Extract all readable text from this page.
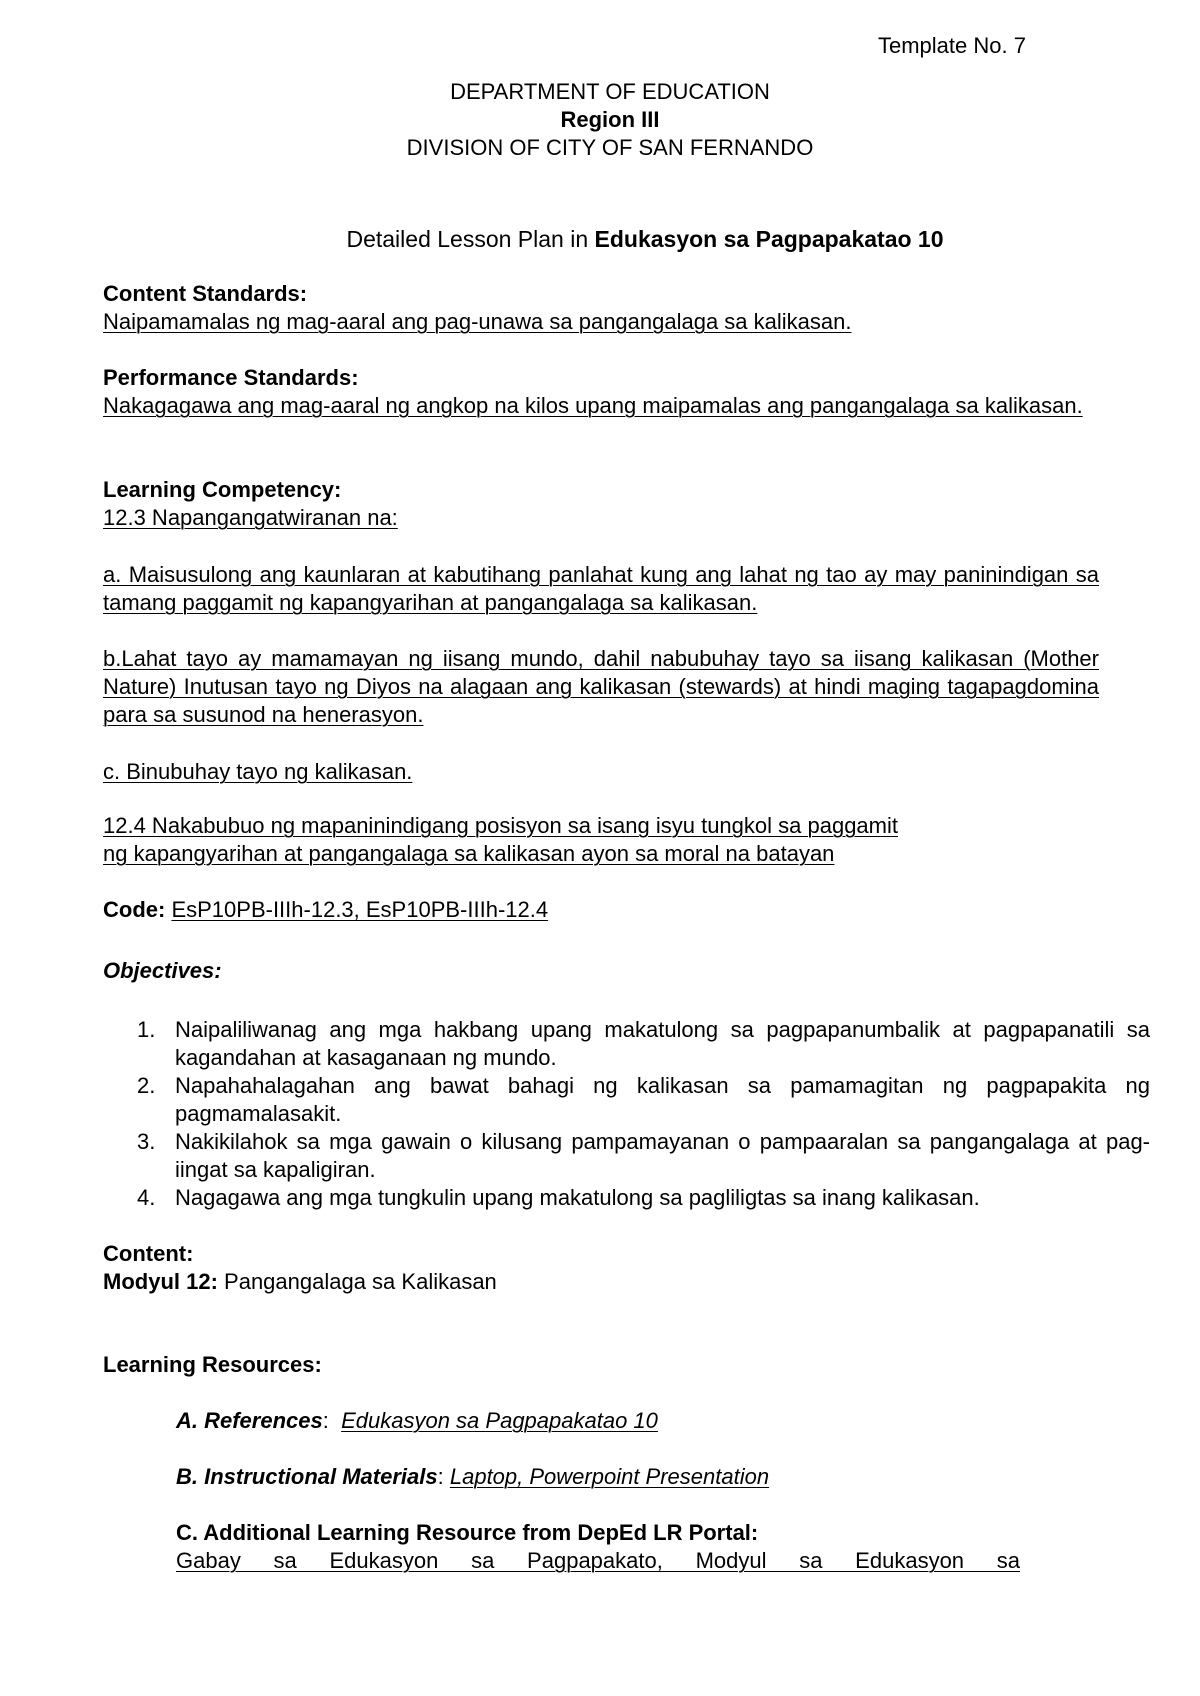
Template No. 7
DEPARTMENT OF EDUCATION
Region III
DIVISION OF CITY OF SAN FERNANDO
Detailed Lesson Plan in Edukasyon sa Pagpapakatao 10
Content Standards:
Naipamamalas ng mag-aaral ang pag-unawa sa pangangalaga sa kalikasan.
Performance Standards:
Nakagagawa ang mag-aaral ng angkop na kilos upang maipamalas ang pangangalaga sa kalikasan.
Learning Competency:
12.3 Napangangatwiranan na:
a. Maisusulong ang kaunlaran at kabutihang panlahat kung ang lahat ng tao ay may paninindigan sa tamang paggamit ng kapangyarihan at pangangalaga sa kalikasan.
b.Lahat tayo ay mamamayan ng iisang mundo, dahil nabubuhay tayo sa iisang kalikasan (Mother Nature) Inutusan tayo ng Diyos na alagaan ang kalikasan (stewards) at hindi maging tagapagdomina para sa susunod na henerasyon.
c. Binubuhay tayo ng kalikasan.
12.4 Nakabubuo ng mapaninindigang posisyon sa isang isyu tungkol sa paggamit
ng kapangyarihan at pangangalaga sa kalikasan ayon sa moral na batayan
Code: EsP10PB-IIIh-12.3, EsP10PB-IIIh-12.4
Objectives:
1. Naipaliliwanag ang mga hakbang upang makatulong sa pagpapanumbalik at pagpapanatili sa kagandahan at kasaganaan ng mundo.
2. Napahahalagahan ang bawat bahagi ng kalikasan sa pamamagitan ng pagpapakita ng pagmamalasakit.
3. Nakikilahok sa mga gawain o kilusang pampamayanan o pampaaralan sa pangangalaga at pag-iingat sa kapaligiran.
4. Nagagawa ang mga tungkulin upang makatulong sa pagliligtas sa inang kalikasan.
Content:
Modyul 12: Pangangalaga sa Kalikasan
Learning Resources:
A. References:  Edukasyon sa Pagpapakatao 10
B. Instructional Materials: Laptop, Powerpoint Presentation
C. Additional Learning Resource from DepEd LR Portal:
Gabay sa Edukasyon sa Pagpapakato, Modyul sa Edukasyon sa
